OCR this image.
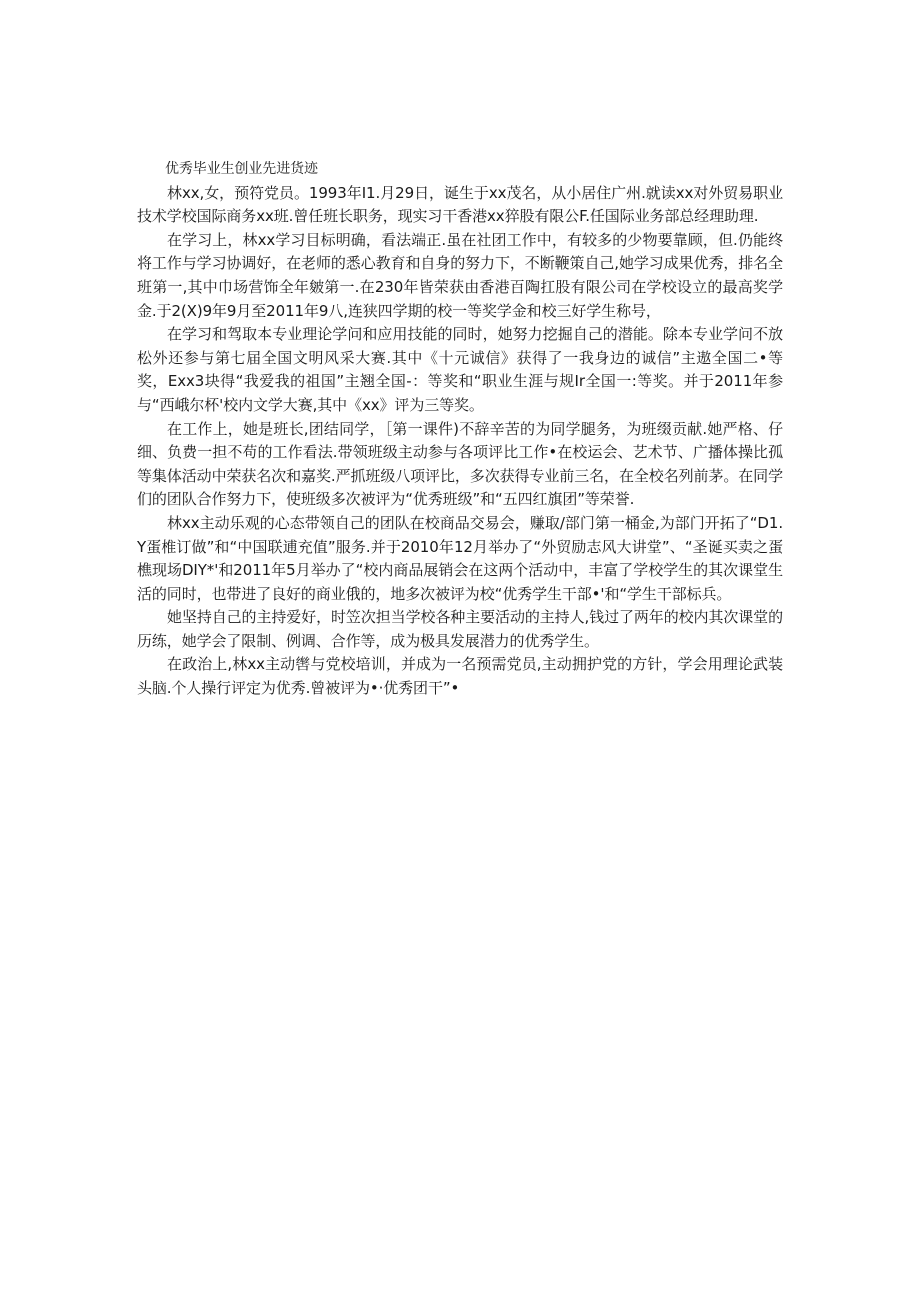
优秀毕业生创业先进货迹

林xx,女，预符党员。1993年I1.月29日，诞生于xx茂名，从小居住广州.就读xx对外贸易职业技术学校国际商务xx班.曾任班长职务，现实习干香港xx猝股有限公F.任国际业务部总经理助理.

在学习上，林xx学习目标明确，看法端正.虽在社团工作中，有较多的少物要靠顾，但.仍能终将工作与学习协调好，在老师的悉心教育和自身的努力下，不断鞭策自己,她学习成果优秀，排名全班第一,其中巾场营饰全年皴第一.在230年皆荣获由香港百陶扛股有限公司在学校设立的最高奖学金.于2(X)9年9月至2011年9八,连狭四学期的校一等奖学金和校三好学生称号，

在学习和驾取本专业理论学问和应用技能的同时，她努力挖掘自己的潜能。除本专业学问不放松外还参与第七届全国文明风采大赛.其中《十元诚信》获得了一我身边的诚信”主遨全国二•等奖，Exx3块得“我爱我的祖国”主翘全国-：等奖和“职业生涯与规Ir全国一:等奖。并于2011年参与“西峨尔杯'校内文学大赛,其中《xx》评为三等奖。

在工作上，她是班长,团结同学，［第一课件)不辞辛苦的为同学腿务，为班缀贡献.她严格、仔细、负费一担不苟的工作看法.带领班级主动参与各项评比工作•在校运会、艺术节、广播体操比孤等集体活动中荣获名次和嘉奖.严抓班级八项评比，多次获得专业前三名，在全校名列前茅。在同学们的团队合作努力下，使班级多次被评为“优秀班级”和“五四红旗团”等荣誉.

林xx主动乐观的心态带领自己的团队在校商品交易会，赚取/部门第一桶金,为部门开拓了“D1.Y蛋椎订做”和“中国联逋充值”服务.并于2010年12月举办了“外贸励志风大讲堂”、“圣诞买卖之蛋樵现场DIY*'和2011年5月举办了“校内商品展销会在这两个活动中，丰富了学校学生的其次课堂生活的同时，也带进了良好的商业俄的，地多次被评为校“优秀学生干部•'和“学生干部标兵。

她坚持自己的主持爱好，时笠次担当学校各种主要活动的主持人,钱过了两年的校内其次课堂的历练，她学会了限制、例调、合作等，成为极具发展潜力的优秀学生。

在政治上,林xx主动辔与党校培训，并成为一名预需党员,主动拥护党的方针，学会用理论武装头脑.个人操行评定为优秀.曾被评为•·优秀团干”•
